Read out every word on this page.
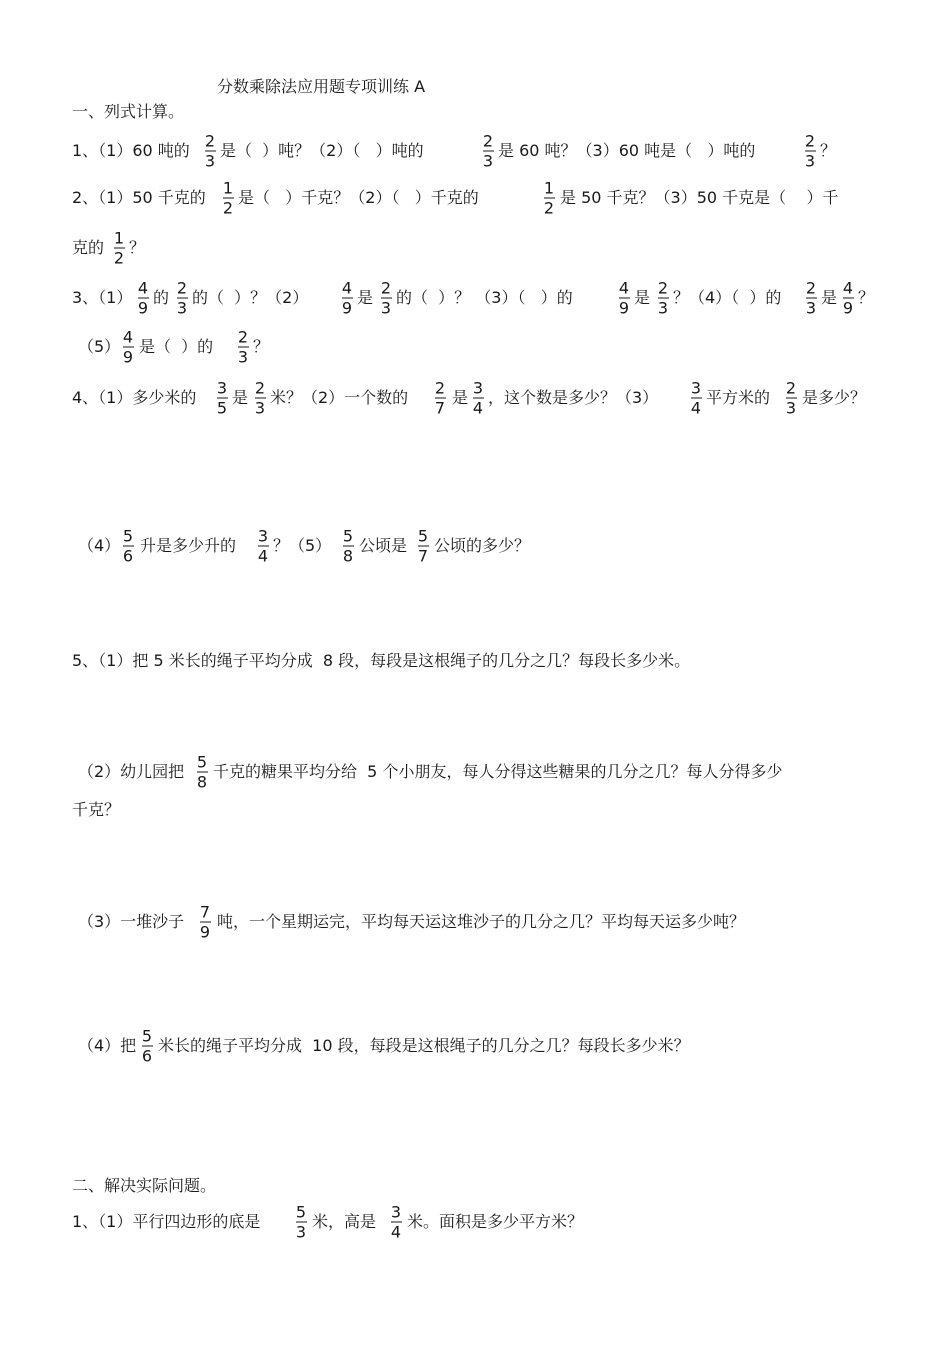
分数乘除法应用题专项训练 A
一、列式计算。
1、（1）60 吨的 2
3
是（  ）吨？（2）（   ）吨的	2
3
是 60 吨？（3）60 吨是（   ）吨的	2
3
？
2、（1）50 千克的 1
2
是（   ）千克？（2）（   ）千克的	1
2
是 50 千克？（3）50 千克是（    ）千
克的 1
2
？
3、（1） 4
9
的 2
3
的（  ）？（2） 4
9
是 2
3
的（  ）？ （3）（   ）的	4
9
是 2
3
？（4）（  ）的 2
3
是 4
9
？
（5） 4
9
是（  ）的 2
3
？
4、（1）多少米的 3
5
是 2
3
米？（2）一个数的 2
7
是 3
4
，这个数是多少？（3） 3
4
平方米的 2
3
是多少？
（4） 5
6
升是多少升的 3
4
？（5） 5
8
公顷是 5
7
公顷的多少？
5、（1）把 5 米长的绳子平均分成  8 段，每段是这根绳子的几分之几？每段长多少米。
（2）幼儿园把 5
8
千克的糖果平均分给  5 个小朋友，每人分得这些糖果的几分之几？每人分得多少
千克？
（3）一堆沙子 7
9
吨，一个星期运完，平均每天运这堆沙子的几分之几？平均每天运多少吨？
（4）把 5
6
米长的绳子平均分成  10 段，每段是这根绳子的几分之几？每段长多少米？
二、解决实际问题。
1、（1）平行四边形的底是 5
3
米，高是 3
4
米。面积是多少平方米？
